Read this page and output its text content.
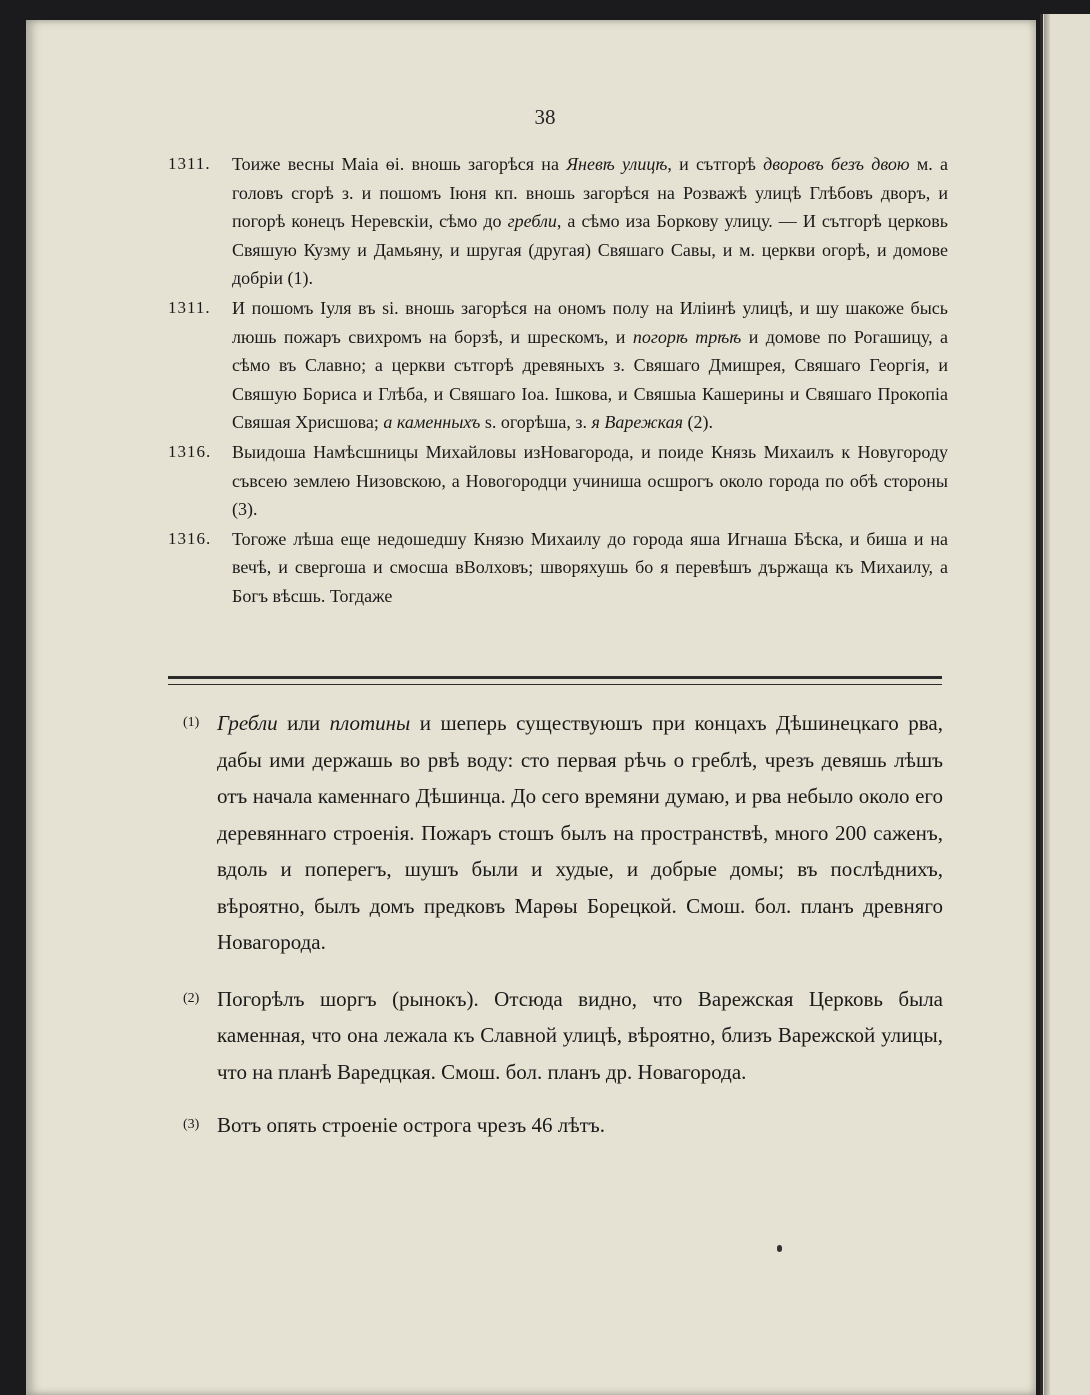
38
1311.	Тоиже весны Маіа ѳі. вношь загорѣся на Яневѣ улицѣ, и сътгорѣ дворовъ безъ двою м. а головъ сгорѣ з. и пошомъ Іюня кп. вношь загорѣся на Розважѣ улицѣ Глѣбовъ дворъ, и погорѣ конецъ Неревскіи, сѣмо до гребли, а сѣмо иза Боркову улицу. — И сътгорѣ церковь Свяшую Кузму и Дамьяну, и шругая (другая) Свяшаго Савы, и м. церкви огорѣ, и домове добріи (1).
1311.	И пошомъ Іуля въ si. вношь загорѣся на ономъ полу на Иліинѣ улицѣ, и шу шакоже бысь люшь пожаръ свихромъ на борзѣ, и шрескомъ, и погорѣ трѣѣ и домове по Рогашицу, а сѣмо въ Славно; а церкви сътгорѣ древяныхъ з. Свяшаго Дмишрея, Свяшаго Георгія, и Свяшую Бориса и Глѣба, и Свяшаго Іоа. Ішкова, и Свяшыа Кашерины и Свяшаго Прокопіа Свяшая Хрисшова; а каменныхъ s. огорѣша, з. я Варежкая (2).
1316.	Выидоша Намѣсшницы Михайловы изНовагорода, и поиде Князь Михаилъ к Новугороду съвсею землею Низовскою, а Новогородци учиниша осшрогъ около города по обѣ стороны (3).
1316.	Тогоже лѣша еще недошедшу Князю Михаилу до города яша Игнаша Бѣска, и биша и на вечѣ, и свергоша и смосша вВолховъ; шворяхушь бо я перевѣшъ държаща къ Михаилу, а Богъ вѣсшь. Тогдаже
(1) Гребли или плотины и шеперь существуюшъ при концахъ Дѣшинецкаго рва, дабы ими держашь во рвѣ воду: сто первая рѣчь о греблѣ, чрезъ девяшь лѣшъ отъ начала каменнаго Дѣшинца. До сего времяни думаю, и рва небыло около его деревяннаго строенія. Пожаръ стошъ былъ на пространствѣ, много 200 саженъ, вдоль и поперегъ, шушъ были и худые, и добрые домы; въ послѣднихъ, вѣроятно, былъ домъ предковъ Марѳы Борецкой. Смош. бол. планъ древняго Новагорода.
(2) Погорѣлъ шоргъ (рынокъ). Отсюда видно, что Варежская Церковь была каменная, что она лежала къ Славной улицѣ, вѣроятно, близъ Варежской улицы, что на планѣ Варедцкая. Смош. бол. планъ др. Новагорода.
(3) Вотъ опять строеніе острога чрезъ 46 лѣтъ.
